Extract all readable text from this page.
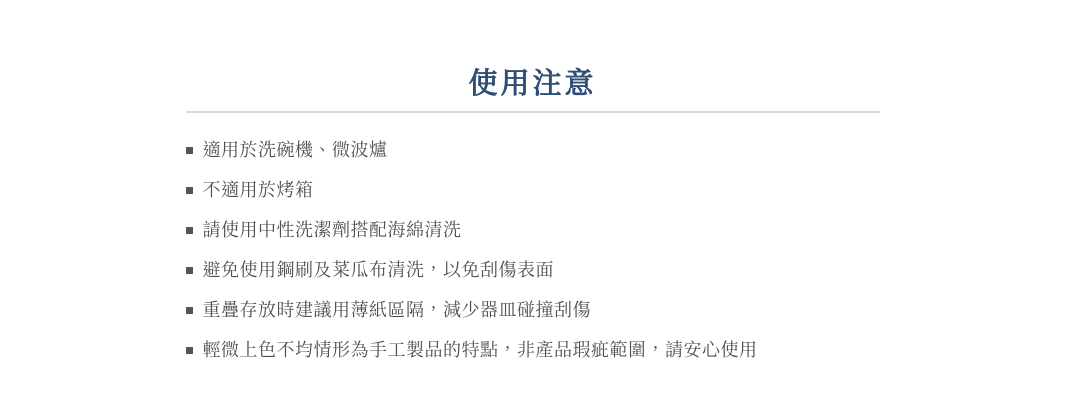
使用注意
適用於洗碗機、微波爐
不適用於烤箱
請使用中性洗潔劑搭配海綿清洗
避免使用鋼刷及菜瓜布清洗，以免刮傷表面
重疊存放時建議用薄紙區隔，減少器皿碰撞刮傷
輕微上色不均情形為手工製品的特點，非產品瑕疵範圍，請安心使用
